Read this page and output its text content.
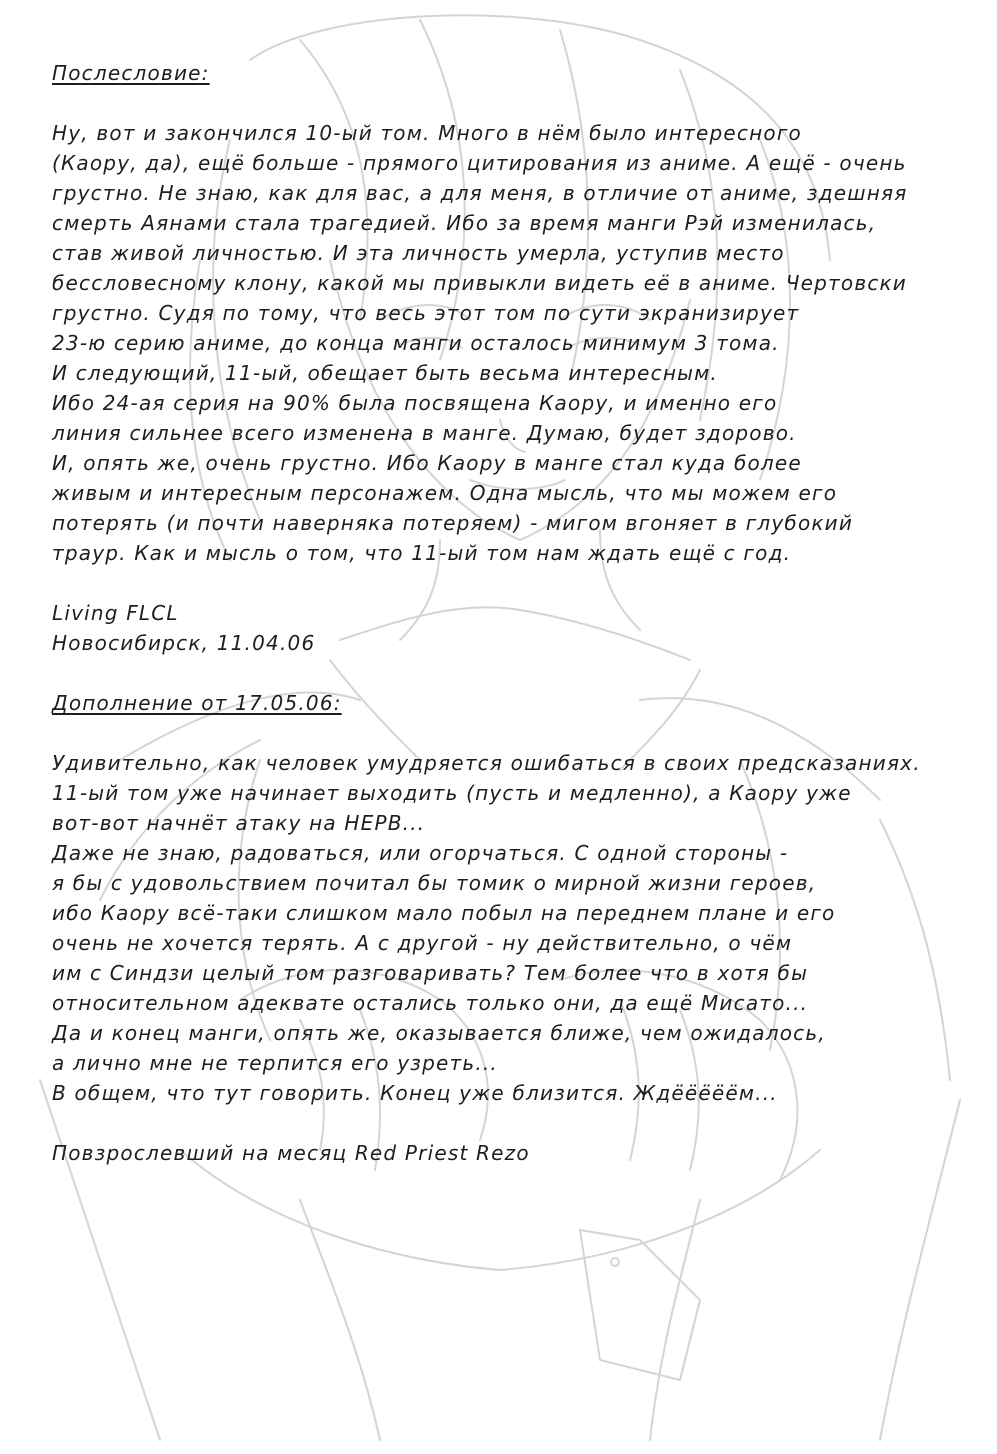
Послесловие:
Ну, вот и закончился 10-ый том. Много в нём было интересного
(Каору, да), ещё больше - прямого цитирования из аниме. А ещё - очень
грустно. Не знаю, как для вас, а для меня, в отличие от аниме, здешняя
смерть Аянами стала трагедией. Ибо за время манги Рэй изменилась,
став живой личностью. И эта личность умерла, уступив место
бессловесному клону, какой мы привыкли видеть её в аниме. Чертовски
грустно. Судя по тому, что весь этот том по сути экранизирует
23-ю серию аниме, до конца манги осталось минимум 3 тома.
И следующий, 11-ый, обещает быть весьма интересным.
Ибо 24-ая серия на 90% была посвящена Каору, и именно его
линия сильнее всего изменена в манге. Думаю, будет здорово.
И, опять же, очень грустно. Ибо Каору в манге стал куда более
живым и интересным персонажем. Одна мысль, что мы можем его
потерять (и почти наверняка потеряем) - мигом вгоняет в глубокий
траур. Как и мысль о том, что 11-ый том нам ждать ещё с год.
Living FLCL
Новосибирск, 11.04.06
Дополнение от 17.05.06:
Удивительно, как человек умудряется ошибаться в своих предсказаниях.
11-ый том уже начинает выходить (пусть и медленно), а Каору уже
вот-вот начнёт атаку на НЕРВ...
Даже не знаю, радоваться, или огорчаться. С одной стороны -
я бы с удовольствием почитал бы томик о мирной жизни героев,
ибо Каору всё-таки слишком мало побыл на переднем плане и его
очень не хочется терять. А с другой - ну действительно, о чём
им с Синдзи целый том разговаривать? Тем более что в хотя бы
относительном адеквате остались только они, да ещё Мисато...
Да и конец манги, опять же, оказывается ближе, чем ожидалось,
а лично мне не терпится его узреть...
В общем, что тут говорить. Конец уже близится. Ждёёёёём...
Повзрослевший на месяц Red Priest Rezo
